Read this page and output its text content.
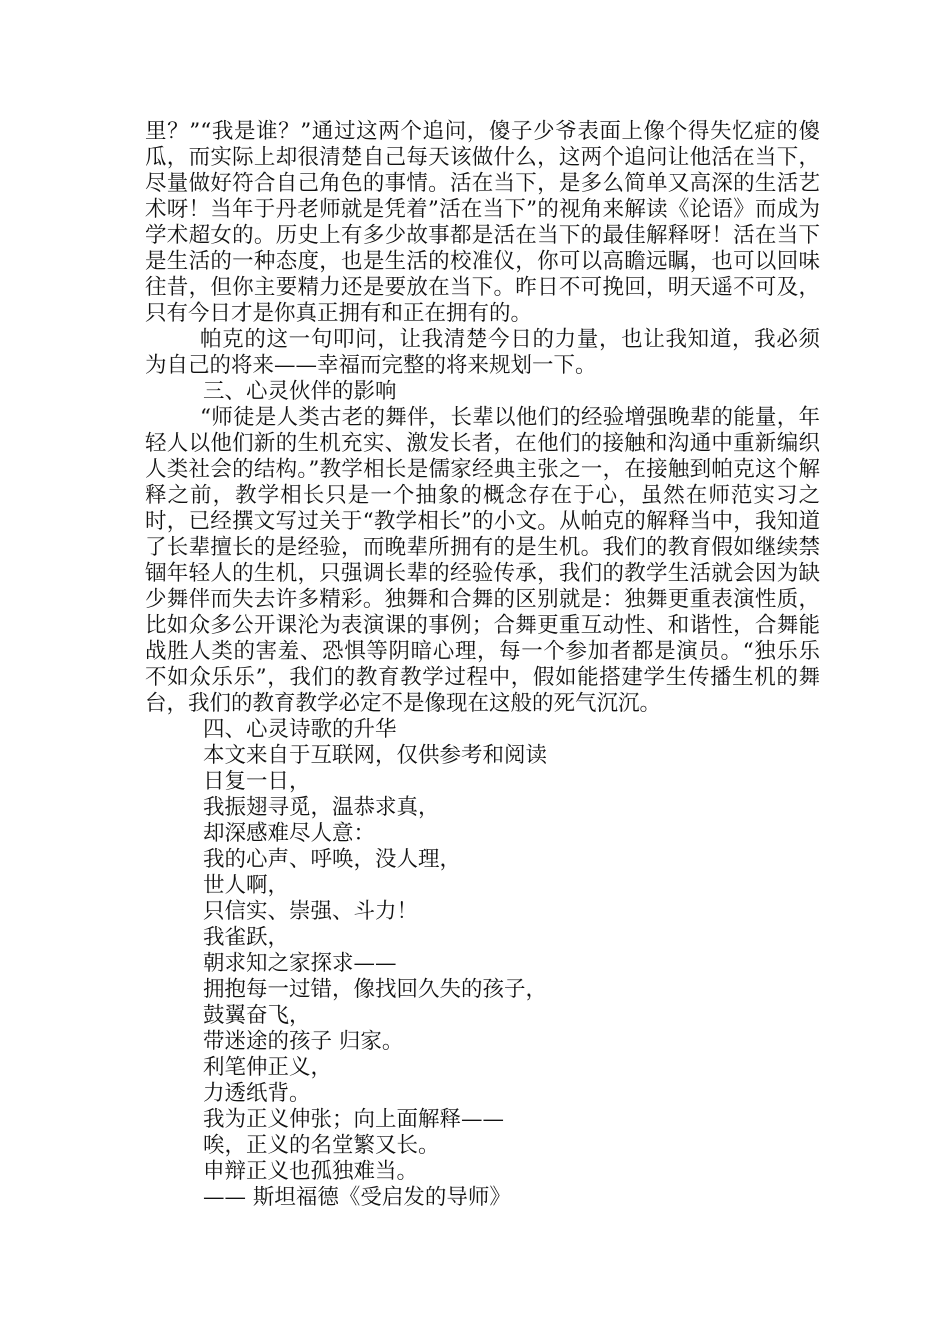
里？”“我是谁？”通过这两个追问，傻子少爷表面上像个得失忆症的傻瓜，而实际上却很清楚自己每天该做什么，这两个追问让他活在当下，尽量做好符合自己角色的事情。活在当下，是多么简单又高深的生活艺术呀！当年于丹老师就是凭着”活在当下”的视角来解读《论语》而成为学术超女的。历史上有多少故事都是活在当下的最佳解释呀！活在当下是生活的一种态度，也是生活的校准仪，你可以高瞻远瞩，也可以回味往昔，但你主要精力还是要放在当下。昨日不可挽回，明天遥不可及，只有今日才是你真正拥有和正在拥有的。

帕克的这一句叩问，让我清楚今日的力量，也让我知道，我必须为自己的将来——幸福而完整的将来规划一下。

三、心灵伙伴的影响

“师徒是人类古老的舞伴，长辈以他们的经验增强晚辈的能量，年轻人以他们新的生机充实、激发长者，在他们的接触和沟通中重新编织人类社会的结构。”教学相长是儒家经典主张之一，在接触到帕克这个解释之前，教学相长只是一个抽象的概念存在于心，虽然在师范实习之时，已经撰文写过关于“教学相长”的小文。从帕克的解释当中，我知道了长辈擅长的是经验，而晚辈所拥有的是生机。我们的教育假如继续禁锢年轻人的生机，只强调长辈的经验传承，我们的教学生活就会因为缺少舞伴而失去许多精彩。独舞和合舞的区别就是：独舞更重表演性质，比如众多公开课沦为表演课的事例；合舞更重互动性、和谐性，合舞能战胜人类的害羞、恐惧等阴暗心理，每一个参加者都是演员。“独乐乐不如众乐乐”，我们的教育教学过程中，假如能搭建学生传播生机的舞台，我们的教育教学必定不是像现在这般的死气沉沉。

四、心灵诗歌的升华

本文来自于互联网，仅供参考和阅读

日复一日，

我振翅寻觅，温恭求真，

却深感难尽人意：

我的心声、呼唤，没人理，

世人啊，

只信实、崇强、斗力！

我雀跃，

朝求知之家探求——

拥抱每一过错，像找回久失的孩子，

鼓翼奋飞，

带迷途的孩子 归家。

利笔伸正义，

力透纸背。

我为正义伸张；向上面解释——

唉，正义的名堂繁又长。

申辩正义也孤独难当。

—— 斯坦福德《受启发的导师》
